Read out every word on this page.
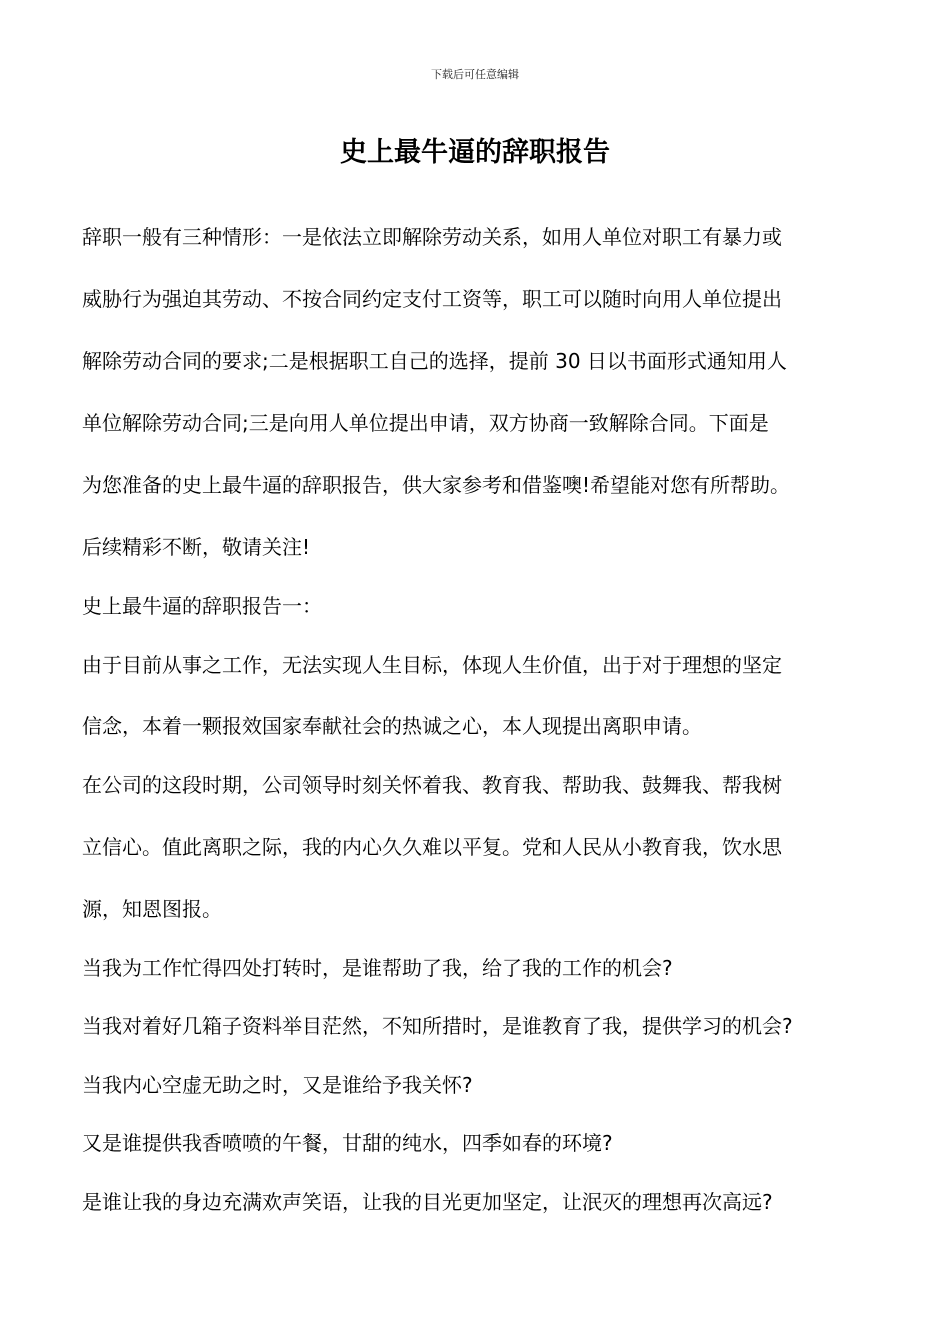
下载后可任意编辑
史上最牛逼的辞职报告
辞职一般有三种情形：一是依法立即解除劳动关系，如用人单位对职工有暴力或
威胁行为强迫其劳动、不按合同约定支付工资等，职工可以随时向用人单位提出
解除劳动合同的要求;二是根据职工自己的选择，提前 30 日以书面形式通知用人
单位解除劳动合同;三是向用人单位提出申请，双方协商一致解除合同。下面是
为您准备的史上最牛逼的辞职报告，供大家参考和借鉴噢!希望能对您有所帮助。
后续精彩不断，敬请关注!
史上最牛逼的辞职报告一：
由于目前从事之工作，无法实现人生目标，体现人生价值，出于对于理想的坚定
信念，本着一颗报效国家奉献社会的热诚之心，本人现提出离职申请。
在公司的这段时期，公司领导时刻关怀着我、教育我、帮助我、鼓舞我、帮我树
立信心。值此离职之际，我的内心久久难以平复。党和人民从小教育我，饮水思
源，知恩图报。
当我为工作忙得四处打转时，是谁帮助了我，给了我的工作的机会?
当我对着好几箱子资料举目茫然，不知所措时，是谁教育了我，提供学习的机会?
当我内心空虚无助之时，又是谁给予我关怀?
又是谁提供我香喷喷的午餐，甘甜的纯水，四季如春的环境?
是谁让我的身边充满欢声笑语，让我的目光更加坚定，让泯灭的理想再次高远?
